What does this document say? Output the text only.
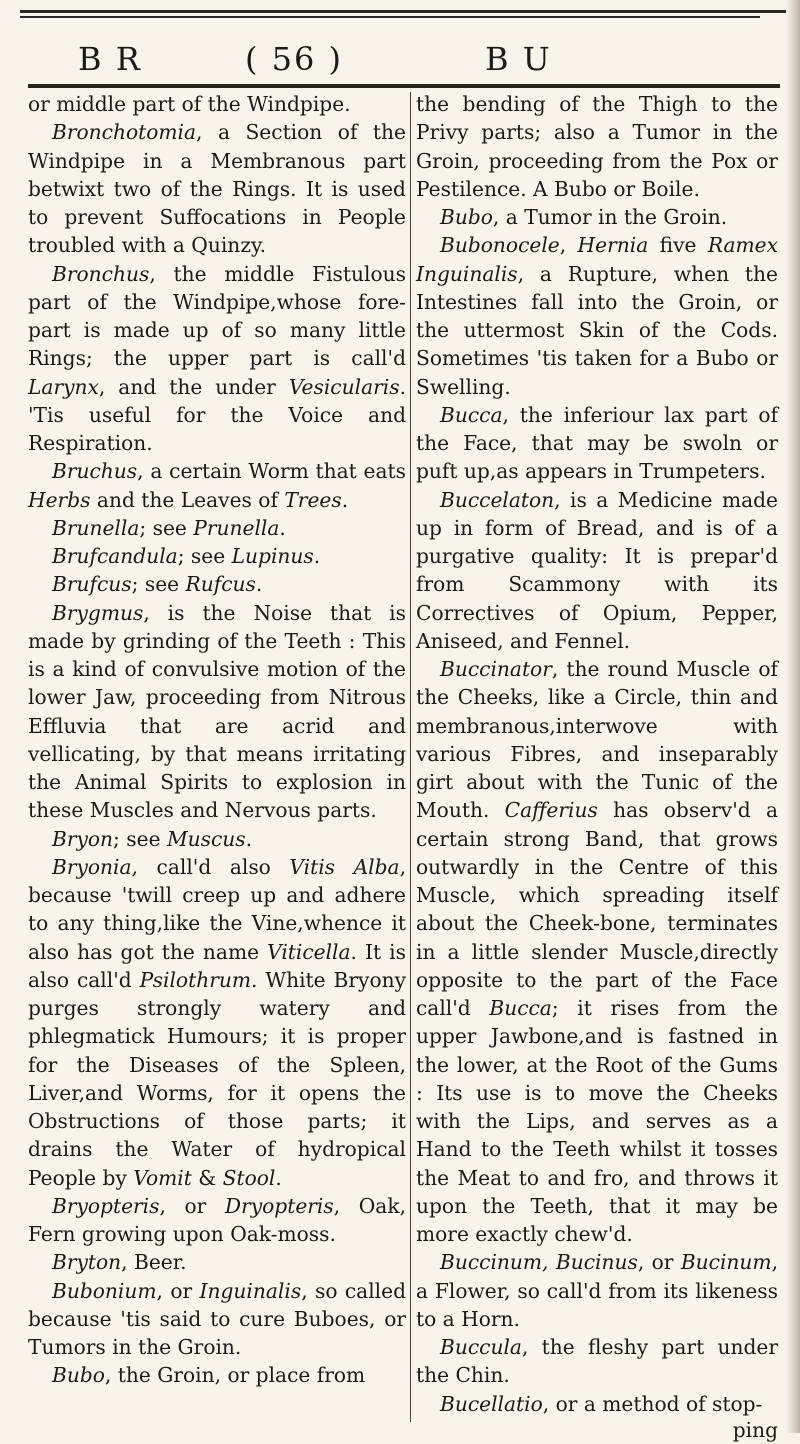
B R	( 56 )	B U

or middle part of the Windpipe.

Bronchotomia, a Section of the Windpipe in a Membranous part betwixt two of the Rings. It is used to prevent Suffocations in People troubled with a Quinzy.

Bronchus, the middle Fistulous part of the Windpipe,whose fore-part is made up of so many little Rings; the upper part is call'd Larynx, and the under Vesicularis. 'Tis useful for the Voice and Respiration.

Bruchus, a certain Worm that eats Herbs and the Leaves of Trees.

Brunella; see Prunella.

Brufcandula; see Lupinus.

Brufcus; see Rufcus.

Brygmus, is the Noise that is made by grinding of the Teeth : This is a kind of convulsive motion of the lower Jaw, proceeding from Nitrous Effluvia that are acrid and vellicating, by that means irritating the Animal Spirits to explosion in these Muscles and Nervous parts.

Bryon; see Muscus.

Bryonia, call'd also Vitis Alba, because 'twill creep up and adhere to any thing,like the Vine,whence it also has got the name Viticella. It is also call'd Psilothrum. White Bryony purges strongly watery and phlegmatick Humours; it is proper for the Diseases of the Spleen, Liver,and Worms, for it opens the Obstructions of those parts; it drains the Water of hydropical People by Vomit & Stool.

Bryopteris, or Dryopteris, Oak, Fern growing upon Oak-moss.

Bryton, Beer.

Bubonium, or Inguinalis, so called because 'tis said to cure Buboes, or Tumors in the Groin.

Bubo, the Groin, or place from

the bending of the Thigh to the Privy parts; also a Tumor in the Groin, proceeding from the Pox or Pestilence. A Bubo or Boile.

Bubo, a Tumor in the Groin.

Bubonocele, Hernia five Ramex Inguinalis, a Rupture, when the Intestines fall into the Groin, or the uttermost Skin of the Cods. Sometimes 'tis taken for a Bubo or Swelling.

Bucca, the inferiour lax part of the Face, that may be swoln or puft up,as appears in Trumpeters.

Buccelaton, is a Medicine made up in form of Bread, and is of a purgative quality: It is prepar'd from Scammony with its Correctives of Opium, Pepper, Aniseed, and Fennel.

Buccinator, the round Muscle of the Cheeks, like a Circle, thin and membranous,interwove with various Fibres, and inseparably girt about with the Tunic of the Mouth. Cafferius has observ'd a certain strong Band, that grows outwardly in the Centre of this Muscle, which spreading itself about the Cheek-bone, terminates in a little slender Muscle,directly opposite to the part of the Face call'd Bucca; it rises from the upper Jawbone,and is fastned in the lower, at the Root of the Gums : Its use is to move the Cheeks with the Lips, and serves as a Hand to the Teeth whilst it tosses the Meat to and fro, and throws it upon the Teeth, that it may be more exactly chew'd.

Buccinum, Bucinus, or Bucinum, a Flower, so call'd from its likeness to a Horn.

Buccula, the fleshy part under the Chin.

Bucellatio, or a method of stop-

ping
